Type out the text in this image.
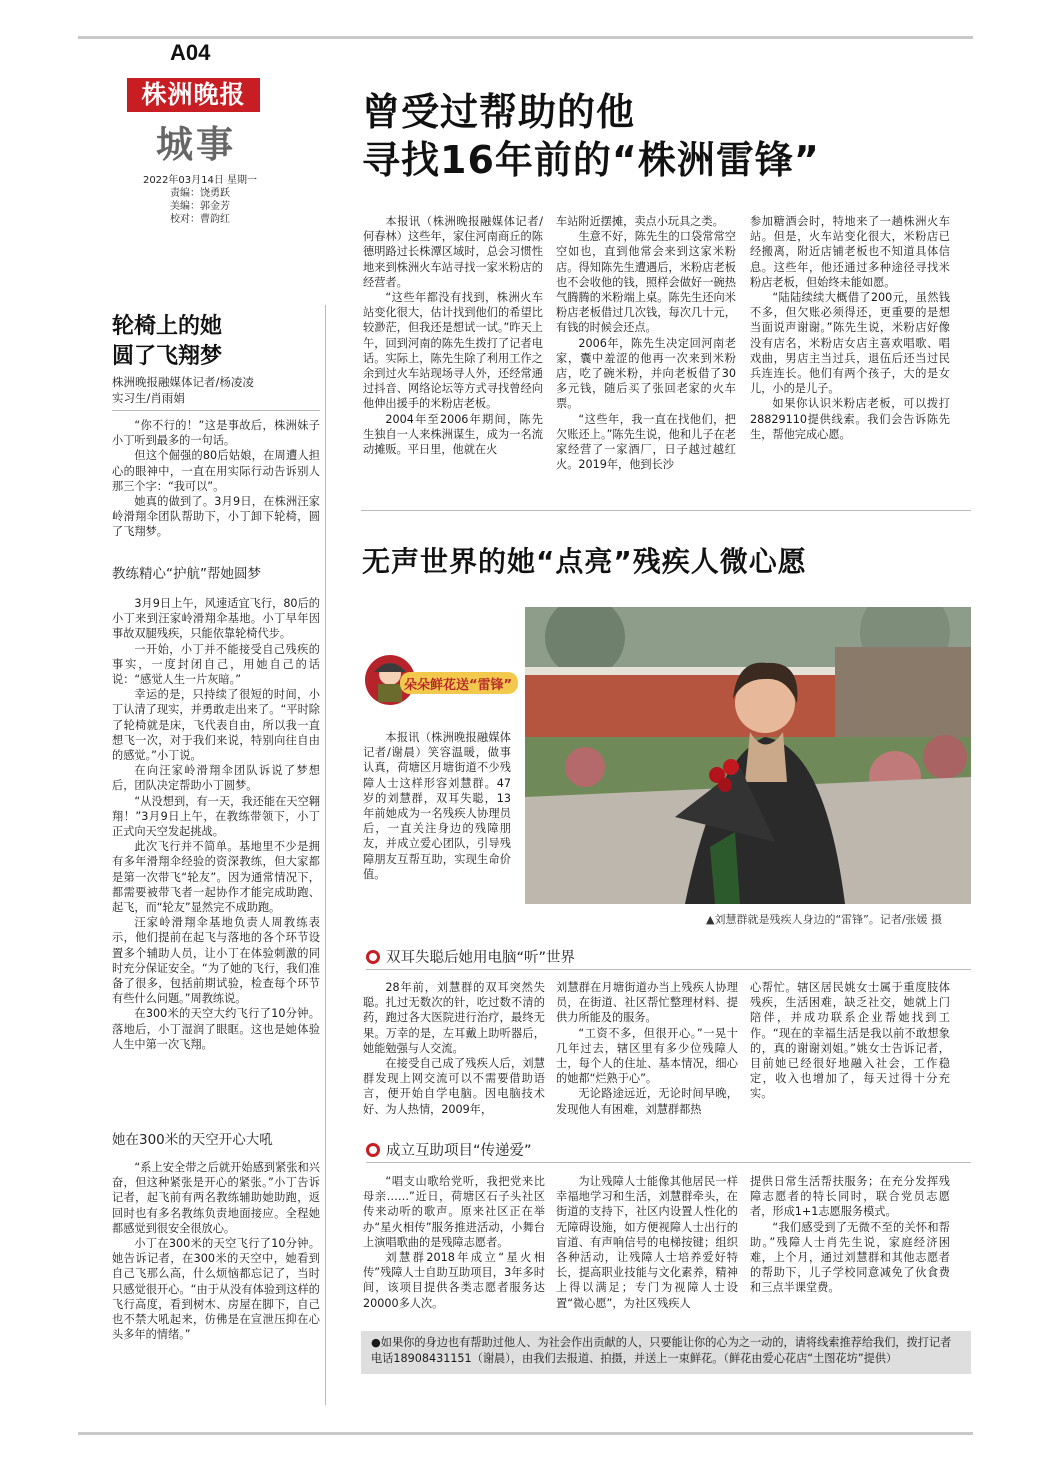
A04
株洲晚报
城事
2022年03月14日 星期一
责编：饶勇跃
美编：郭金芳
校对：曹韵红
曾受过帮助的他
寻找16年前的“株洲雷锋”

本报讯（株洲晚报融媒体记者/何春林）这些年，家住河南商丘的陈德明路过长株潭区域时，总会习惯性地来到株洲火车站寻找一家米粉店的经营者。

“这些年都没有找到，株洲火车站变化很大，估计找到他们的希望比较渺茫，但我还是想试一试。”昨天上午，回到河南的陈先生拨打了记者电话。实际上，陈先生除了利用工作之余到过火车站现场寻人外，还经常通过抖音、网络论坛等方式寻找曾经向他伸出援手的米粉店老板。

2004年至2006年期间，陈先生独自一人来株洲谋生，成为一名流动摊贩。平日里，他就在火

车站附近摆摊，卖点小玩具之类。

生意不好，陈先生的口袋常常空空如也，直到他常会来到这家米粉店。得知陈先生遭遇后，米粉店老板也不会收他的钱，照样会做好一碗热气腾腾的米粉端上桌。陈先生还向米粉店老板借过几次钱，每次几十元，有钱的时候会还点。

2006年，陈先生决定回河南老家，囊中羞涩的他再一次来到米粉店，吃了碗米粉，并向老板借了30多元钱，随后买了张回老家的火车票。

“这些年，我一直在找他们，把欠账还上。”陈先生说，他和儿子在老家经营了一家酒厂，日子越过越红火。2019年，他到长沙

参加糖酒会时，特地来了一趟株洲火车站。但是，火车站变化很大，米粉店已经搬离，附近店铺老板也不知道具体信息。这些年，他还通过多种途径寻找米粉店老板，但始终未能如愿。

“陆陆续续大概借了200元，虽然钱不多，但欠账必须得还，更重要的是想当面说声谢谢。”陈先生说，米粉店好像没有店名，米粉店女店主喜欢唱歌、唱戏曲，男店主当过兵，退伍后还当过民兵连连长。他们有两个孩子，大的是女儿，小的是儿子。

如果你认识米粉店老板，可以拨打28829110提供线索。我们会告诉陈先生，帮他完成心愿。

轮椅上的她
圆了飞翔梦
株洲晚报融媒体记者/杨凌凌
实习生/肖雨娟

“你不行的！”这是事故后，株洲妹子小丁听到最多的一句话。

但这个倔强的80后姑娘，在周遭人担心的眼神中，一直在用实际行动告诉别人那三个字：“我可以”。

她真的做到了。3月9日，在株洲汪家岭滑翔伞团队帮助下，小丁卸下轮椅，圆了飞翔梦。

教练精心“护航”帮她圆梦

3月9日上午，风速适宜飞行，80后的小丁来到汪家岭滑翔伞基地。小丁早年因事故双腿残疾，只能依靠轮椅代步。

一开始，小丁并不能接受自己残疾的事实，一度封闭自己，用她自己的话说：“感觉人生一片灰暗。”

幸运的是，只持续了很短的时间，小丁认清了现实，并勇敢走出来了。“平时除了轮椅就是床，飞代表自由，所以我一直想飞一次，对于我们来说，特别向往自由的感觉。”小丁说。

在向汪家岭滑翔伞团队诉说了梦想后，团队决定帮助小丁圆梦。

“从没想到，有一天，我还能在天空翱翔！”3月9日上午，在教练带领下，小丁正式向天空发起挑战。

此次飞行并不简单。基地里不少是拥有多年滑翔伞经验的资深教练，但大家都是第一次带飞“轮友”。因为通常情况下，都需要被带飞者一起协作才能完成助跑、起飞，而“轮友”显然完不成助跑。

汪家岭滑翔伞基地负责人周教练表示，他们提前在起飞与落地的各个环节设置多个辅助人员，让小丁在体验刺激的同时充分保证安全。“为了她的飞行，我们准备了很多，包括前期试验，检查每个环节有些什么问题。”周教练说。

在300米的天空大约飞行了10分钟。落地后，小丁湿润了眼眶。这也是她体验人生中第一次飞翔。

她在300米的天空开心大吼

“系上安全带之后就开始感到紧张和兴奋，但这种紧张是开心的紧张。”小丁告诉记者，起飞前有两名教练辅助她助跑，返回时也有多名教练负责地面接应。全程她都感觉到很安全很放心。

小丁在300米的天空飞行了10分钟。她告诉记者，在300米的天空中，她看到自己飞那么高，什么烦恼都忘记了，当时只感觉很开心。“由于从没有体验到这样的飞行高度，看到树木、房屋在脚下，自己也不禁大吼起来，仿佛是在宣泄压抑在心头多年的情绪。”

无声世界的她“点亮”残疾人微心愿
朵朵鲜花送“雷锋”

本报讯（株洲晚报融媒体记者/谢晨）笑容温暖，做事认真，荷塘区月塘街道不少残障人士这样形容刘慧群。47岁的刘慧群，双耳失聪，13年前她成为一名残疾人协理员后，一直关注身边的残障朋友，并成立爱心团队，引导残障朋友互帮互助，实现生命价值。

▲刘慧群就是残疾人身边的“雷锋”。记者/张媛 摄
双耳失聪后她用电脑“听”世界

28年前，刘慧群的双耳突然失聪。扎过无数次的针，吃过数不清的药，跑过各大医院进行治疗，最终无果。万幸的是，左耳戴上助听器后，她能勉强与人交流。

在接受自己成了残疾人后，刘慧群发现上网交流可以不需要借助语言，便开始自学电脑。因电脑技术好、为人热情，2009年，

刘慧群在月塘街道办当上残疾人协理员，在街道、社区帮忙整理材料、提供力所能及的服务。

“工资不多，但很开心。”一晃十几年过去，辖区里有多少位残障人士，每个人的住址、基本情况，细心的她都“烂熟于心”。

无论路途远近，无论时间早晚，发现他人有困难，刘慧群都热

心帮忙。辖区居民姚女士属于重度肢体残疾，生活困难，缺乏社交，她就上门陪伴，并成功联系企业帮她找到工作。“现在的幸福生活是我以前不敢想象的，真的谢谢刘姐。”姚女士告诉记者，目前她已经很好地融入社会，工作稳定，收入也增加了，每天过得十分充实。

成立互助项目“传递爱”

“唱支山歌给党听，我把党来比母亲……”近日，荷塘区石子头社区传来动听的歌声。原来社区正在举办“星火相传”服务推进活动，小舞台上演唱歌曲的是残障志愿者。

刘慧群2018年成立“星火相传”残障人士自助互助项目，3年多时间，该项目提供各类志愿者服务达20000多人次。

为让残障人士能像其他居民一样幸福地学习和生活，刘慧群牵头，在街道的支持下，社区内设置人性化的无障碍设施，如方便视障人士出行的盲道、有声响信号的电梯按键；组织各种活动，让残障人士培养爱好特长，提高职业技能与文化素养，精神上得以满足；专门为视障人士设置“微心愿”，为社区残疾人

提供日常生活帮扶服务；在充分发挥残障志愿者的特长同时，联合党员志愿者，形成1+1志愿服务模式。

“我们感受到了无微不至的关怀和帮助。”残障人士肖先生说，家庭经济困难，上个月，通过刘慧群和其他志愿者的帮助下，儿子学校同意减免了伙食费和三点半课堂费。

●如果你的身边也有帮助过他人、为社会作出贡献的人，只要能让你的心为之一动的，请将线索推荐给我们，拨打记者电话18908431151（谢晨），由我们去报道、拍摄，并送上一束鲜花。（鲜花由爱心花店“土图花坊”提供）
